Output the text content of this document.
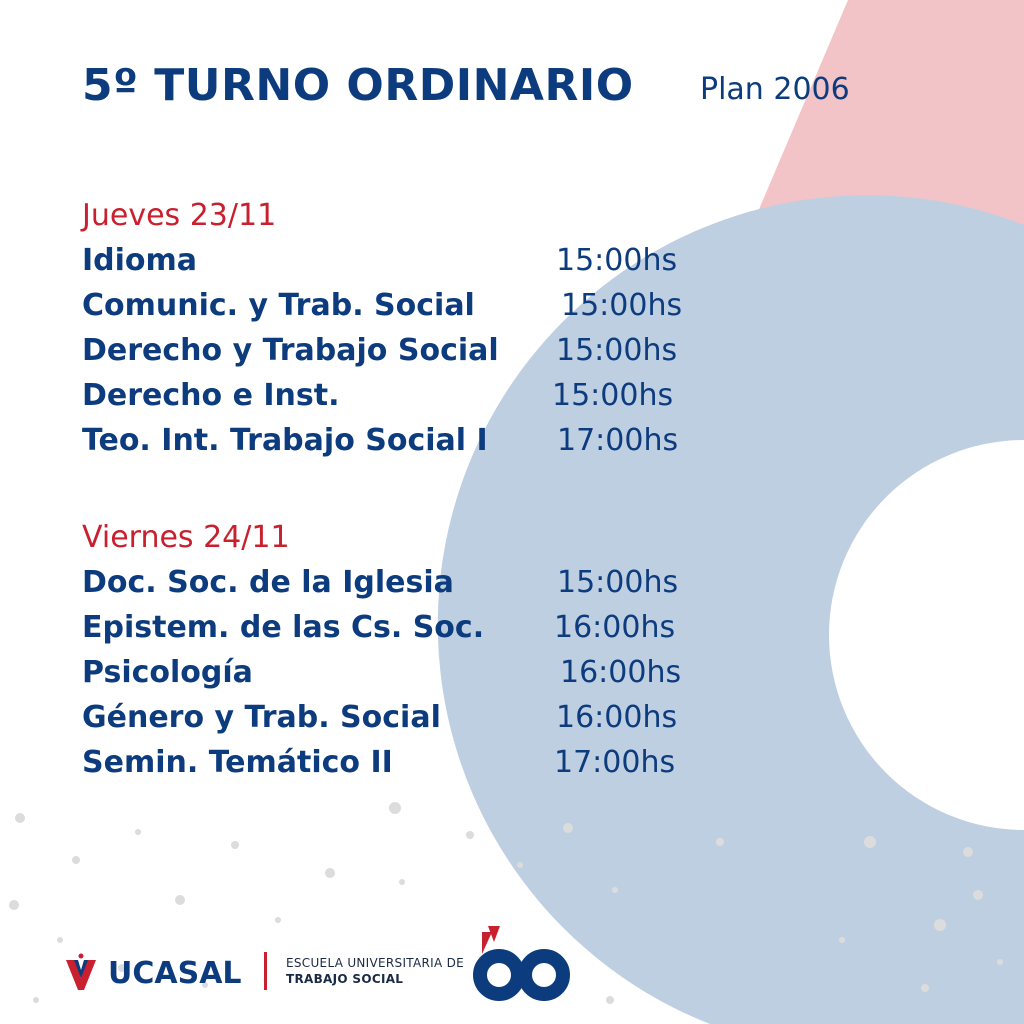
5º TURNO ORDINARIO Plan 2006
Jueves 23/11
Idioma	15:00hs
Comunic. y Trab. Social	15:00hs
Derecho y Trabajo Social 15:00hs
Derecho e Inst.	15:00hs
Teo. Int. Trabajo Social I 17:00hs
Viernes 24/11
Doc. Soc. de la Iglesia	15:00hs
Epistem. de las Cs. Soc. 16:00hs
Psicología	16:00hs
Género y Trab. Social	16:00hs
Semin. Temático II	17:00hs
UCASAL	ESCUELA UNIVERSITARIA DE
TRABAJO SOCIAL
